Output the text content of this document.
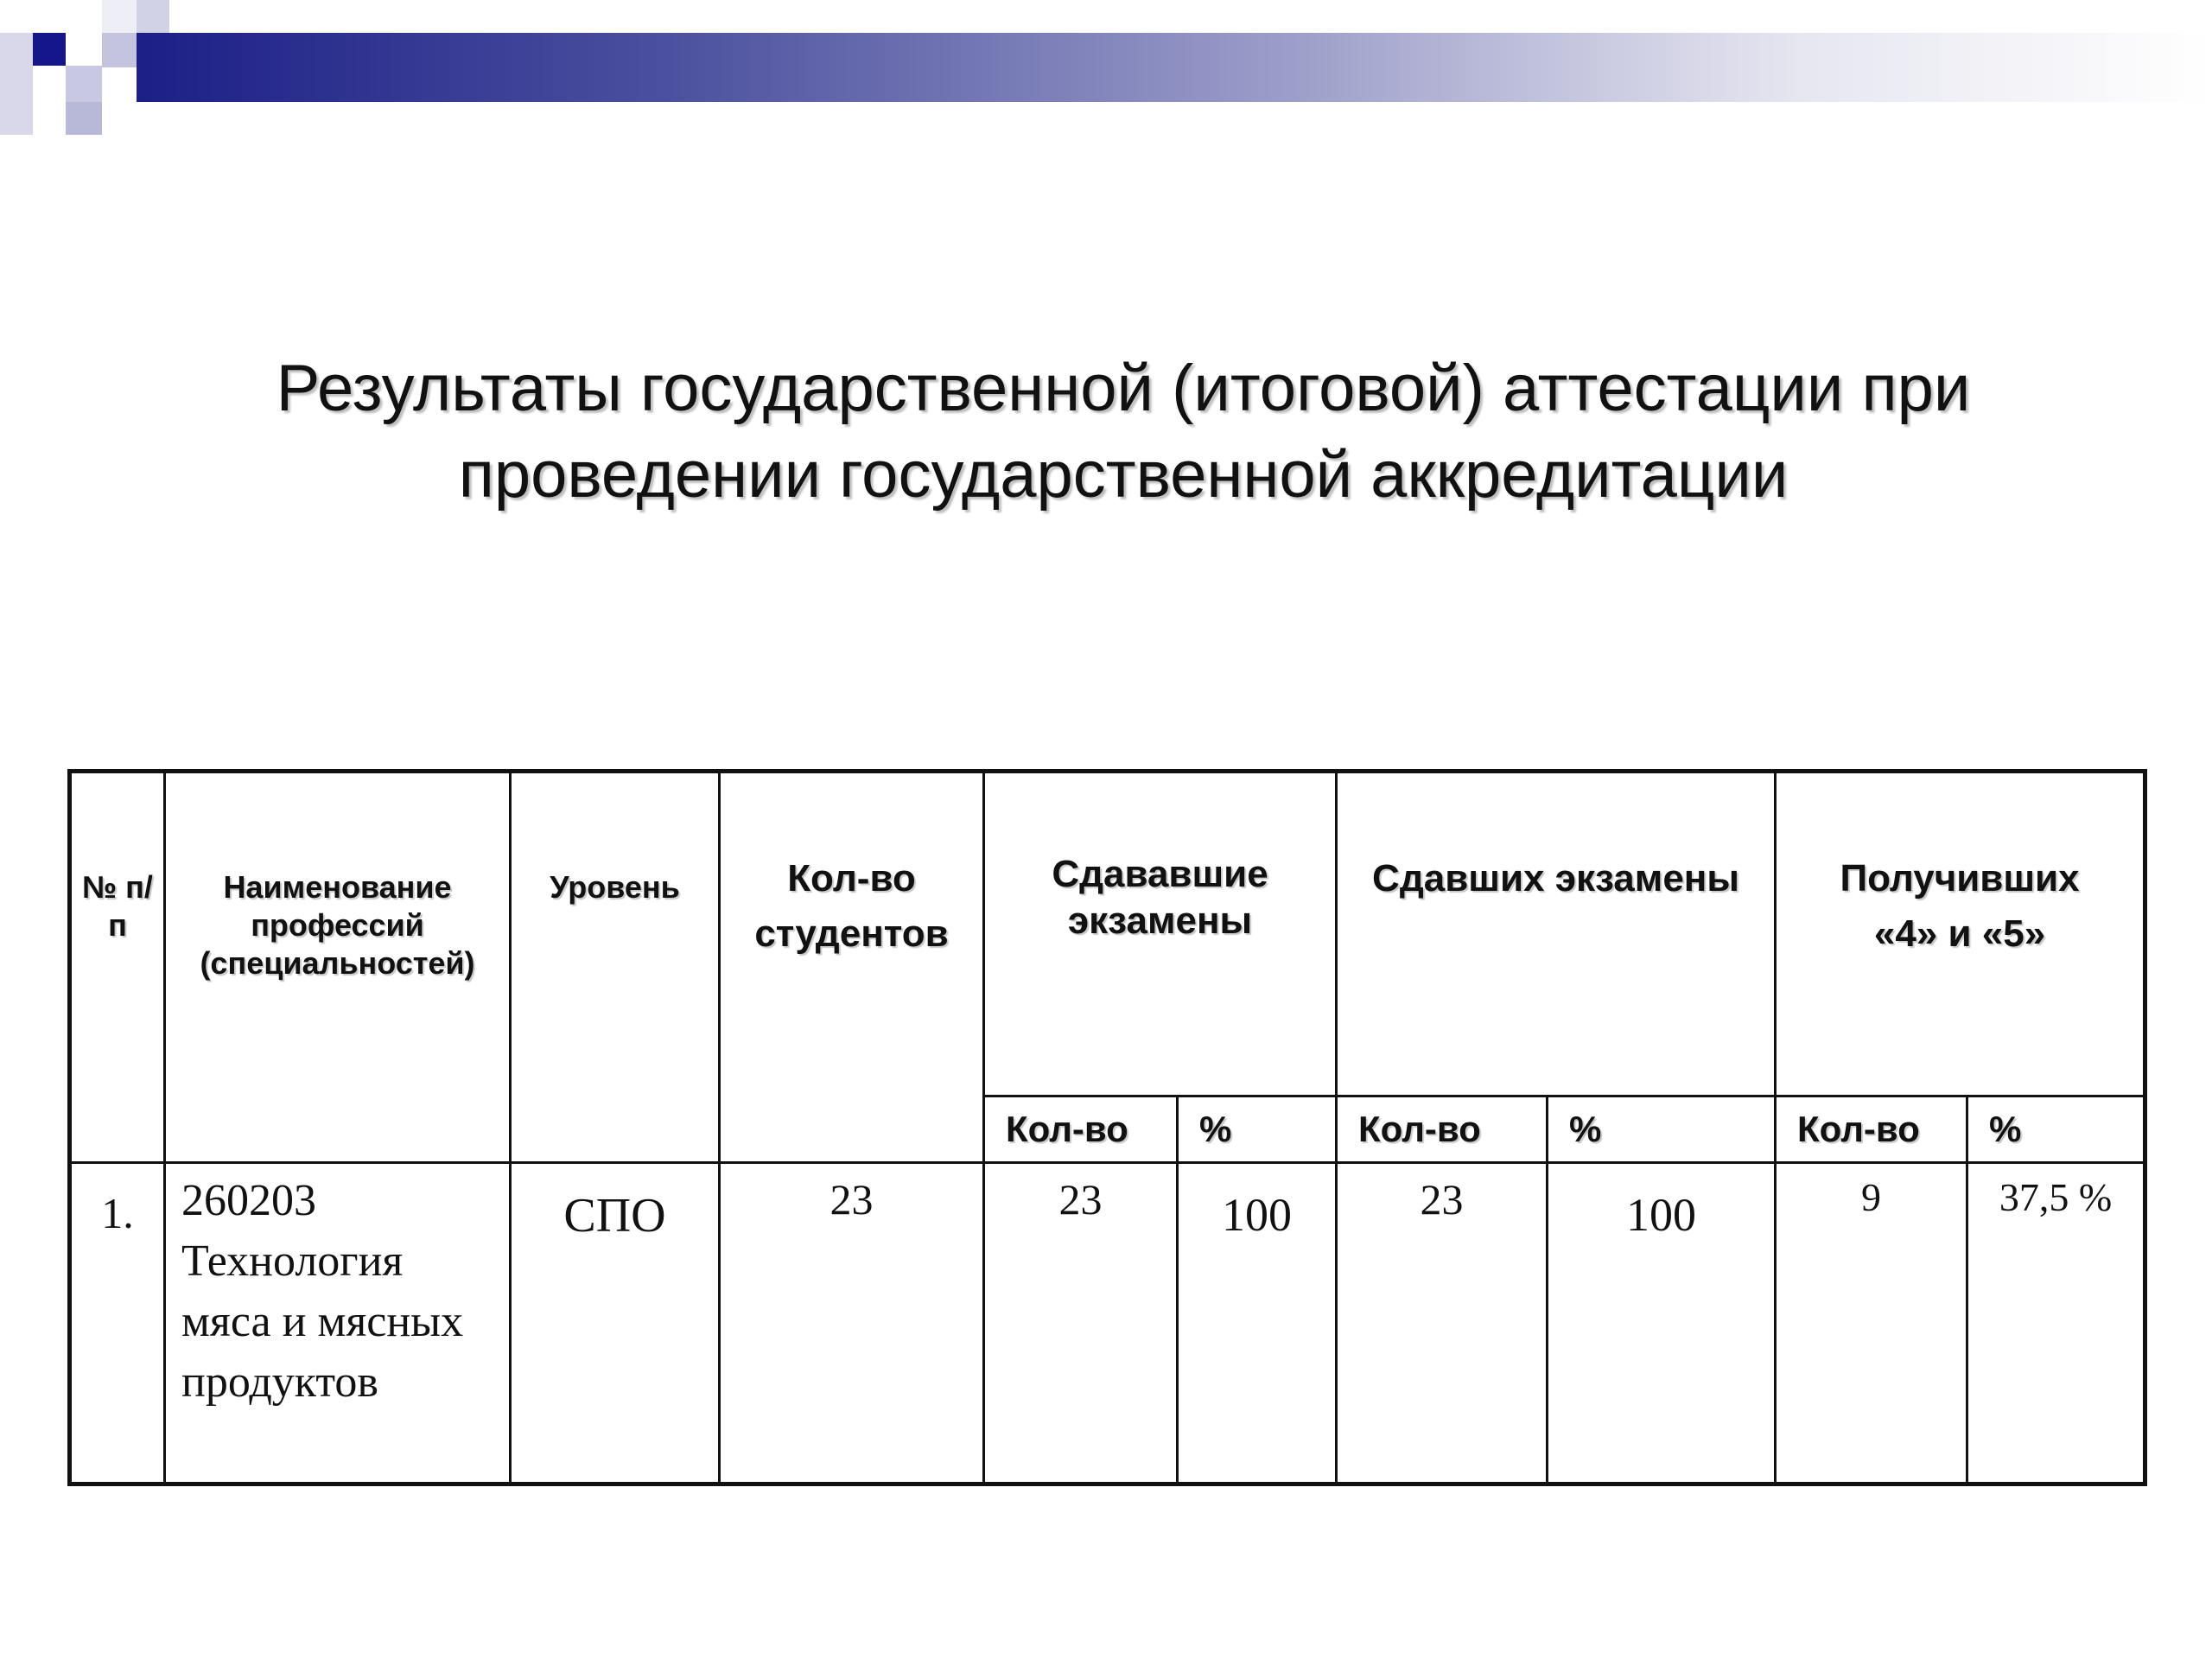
Результаты государственной (итоговой) аттестации при
проведении государственной аккредитации
№ п/п	Наименование профессий (специальностей)	Уровень	Кол-во студентов	Сдававшие экзамены		Сдавших экзамены		Получивших «4» и «5»	
				Кол-во	%	Кол-во	%	Кол-во	%
1.	260203 Технология мяса и мясных продуктов	СПО	23	23	100	23	100	9	37,5 %
